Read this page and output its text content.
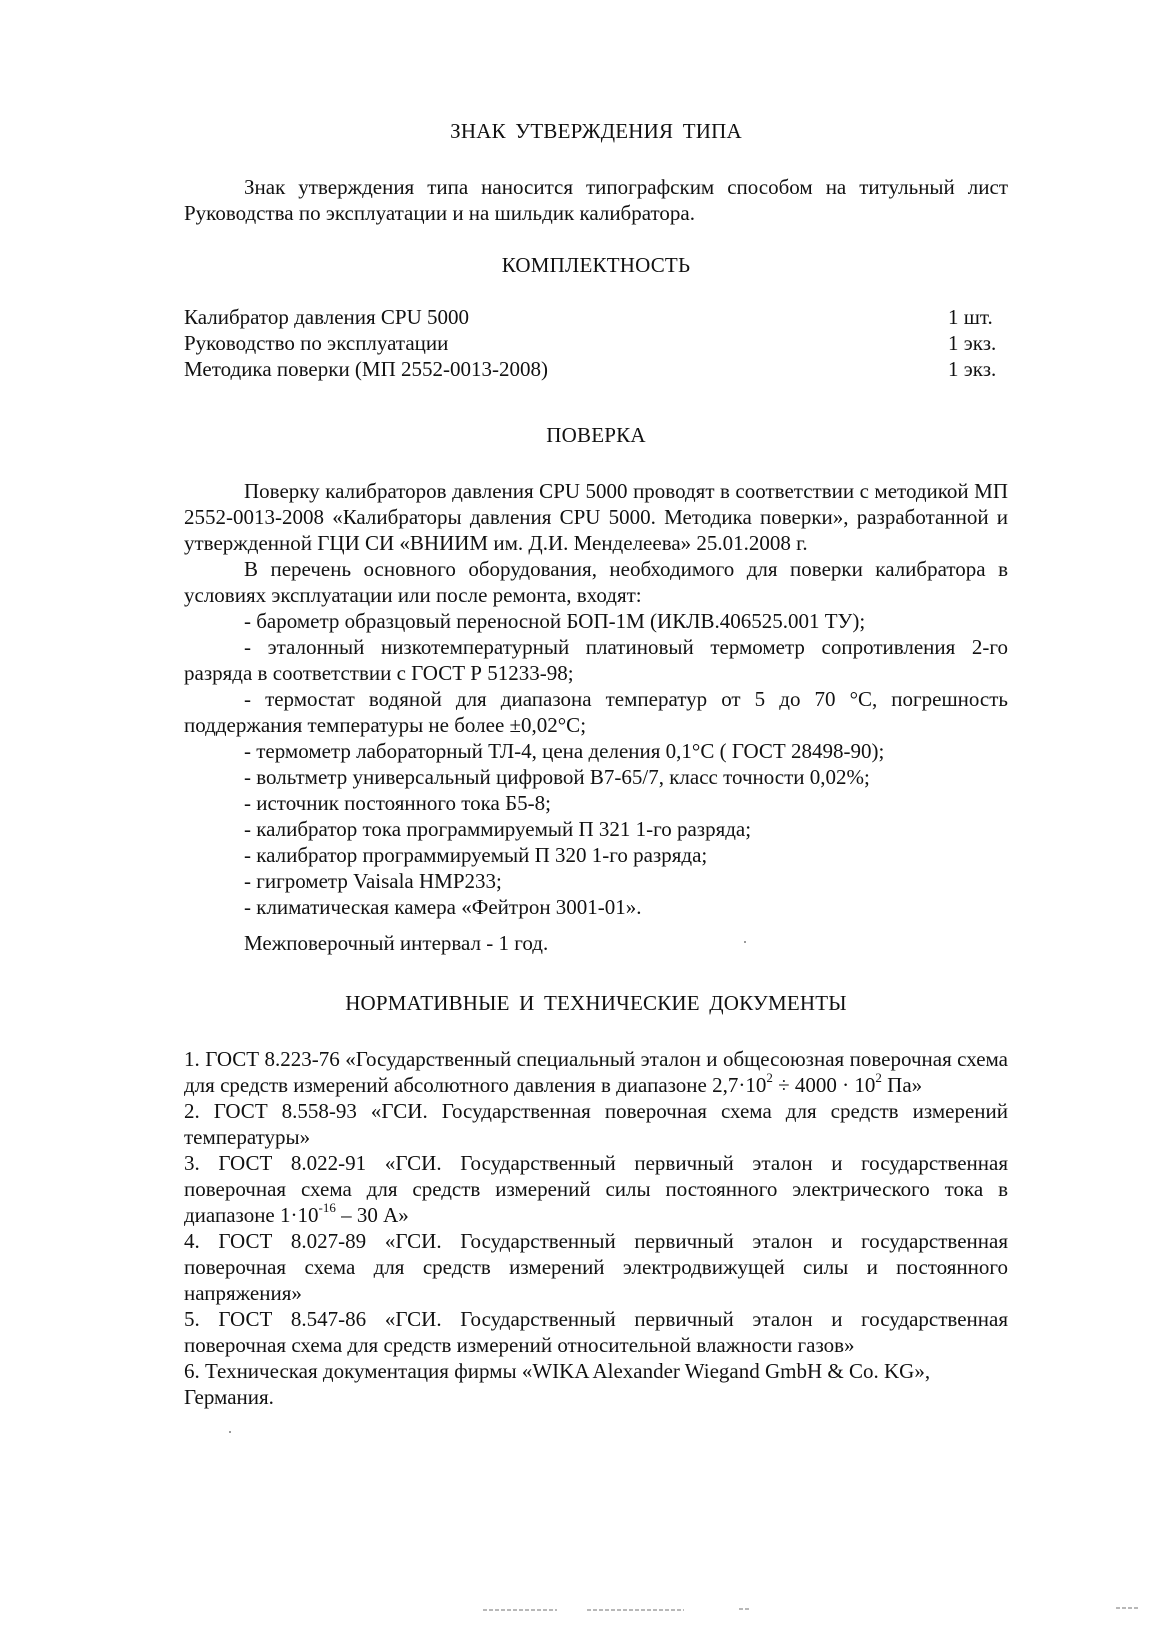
ЗНАК УТВЕРЖДЕНИЯ ТИПА

Знак утверждения типа наносится типографским способом на титульный лист Руководства по эксплуатации и на шильдик калибратора.

КОМПЛЕКТНОСТЬ
Калибратор давления CPU 5000	1 шт.
Руководство по эксплуатации	1 экз.
Методика поверки (МП 2552-0013-2008)	1 экз.
ПОВЕРКА

Поверку калибраторов давления CPU 5000 проводят в соответствии с методикой МП 2552-0013-2008 «Калибраторы давления CPU 5000. Методика поверки», разработанной и утвержденной ГЦИ СИ «ВНИИМ им. Д.И. Менделеева» 25.01.2008 г.

В перечень основного оборудования, необходимого для поверки калибратора в условиях эксплуатации или после ремонта, входят:

- барометр образцовый переносной БОП-1М (ИКЛВ.406525.001 ТУ);
- эталонный низкотемпературный платиновый термометр сопротивления 2-го разряда в соответствии с ГОСТ Р 51233-98;
- термостат водяной для диапазона температур от 5 до 70 °С, погрешность поддержания температуры не более ±0,02°С;
- термометр лабораторный ТЛ-4, цена деления 0,1°С ( ГОСТ 28498-90);
- вольтметр универсальный цифровой В7-65/7, класс точности 0,02%;
- источник постоянного тока Б5-8;
- калибратор тока программируемый П 321 1-го разряда;
- калибратор программируемый П 320 1-го разряда;
- гигрометр Vaisala HMP233;
- климатическая камера «Фейтрон 3001-01».

Межповерочный интервал - 1 год.

НОРМАТИВНЫЕ И ТЕХНИЧЕСКИЕ ДОКУМЕНТЫ

1. ГОСТ 8.223-76 «Государственный специальный эталон и общесоюзная поверочная схема для средств измерений абсолютного давления в диапазоне $2,7\cdot 10^2 \div 4000 \cdot 10^2$ Па»

2. ГОСТ 8.558-93 «ГСИ. Государственная поверочная схема для средств измерений температуры»

3. ГОСТ 8.022-91 «ГСИ. Государственный первичный эталон и государственная поверочная схема для средств измерений силы постоянного электрического тока в диапазоне $1\cdot 10^{-16} - 30$ А»

4. ГОСТ 8.027-89 «ГСИ. Государственный первичный эталон и государственная поверочная схема для средств измерений электродвижущей силы и постоянного напряжения»

5. ГОСТ 8.547-86 «ГСИ. Государственный первичный эталон и государственная поверочная схема для средств измерений относительной влажности газов»

6. Техническая документация фирмы «WIKA Alexander Wiegand GmbH & Co. KG», Германия.
